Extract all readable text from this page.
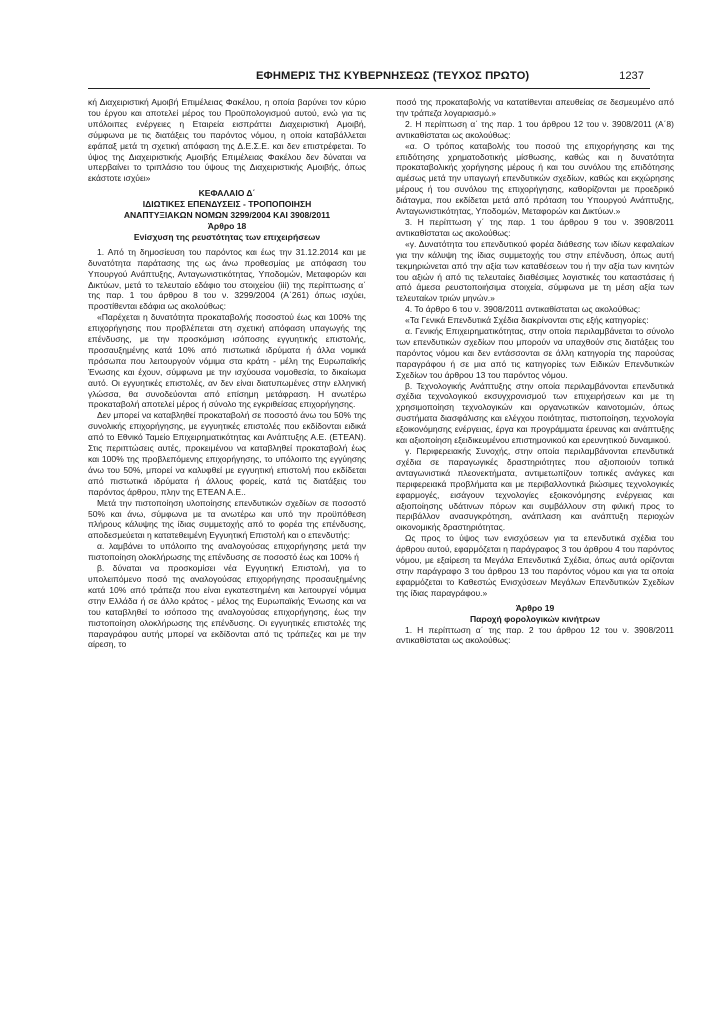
ΕΦΗΜΕΡΙΣ ΤΗΣ ΚΥΒΕΡΝΗΣΕΩΣ (ΤΕΥΧΟΣ ΠΡΩΤΟ)	1237

κή Διαχειριστική Αμοιβή Επιμέλειας Φακέλου, η οποία βαρύνει τον κύριο του έργου και αποτελεί μέρος του Προϋπολογισμού αυτού, ενώ για τις υπόλοιπες ενέργειες η Εταιρεία εισπράττει Διαχειριστική Αμοιβή, σύμφωνα με τις διατάξεις του παρόντος νόμου, η οποία καταβάλλεται εφάπαξ μετά τη σχετική απόφαση της Δ.Ε.Σ.Ε. και δεν επιστρέφεται. Το ύψος της Διαχειριστικής Αμοιβής Επιμέλειας Φακέλου δεν δύναται να υπερβαίνει το τριπλάσιο του ύψους της Διαχειριστικής Αμοιβής, όπως εκάστοτε ισχύει»

ΚΕΦΑΛΑΙΟ Δ΄

ΙΔΙΩΤΙΚΕΣ ΕΠΕΝΔΥΣΕΙΣ - ΤΡΟΠΟΠΟΙΗΣΗ

ΑΝΑΠΤΥΞΙΑΚΩΝ ΝΟΜΩΝ 3299/2004 ΚΑΙ 3908/2011

Άρθρο 18

Ενίσχυση της ρευστότητας των επιχειρήσεων

1. Από τη δημοσίευση του παρόντος και έως την 31.12.2014 και με δυνατότητα παράτασης της ως άνω προθεσμίας με απόφαση του Υπουργού Ανάπτυξης, Ανταγωνιστικότητας, Υποδομών, Μεταφορών και Δικτύων, μετά το τελευταίο εδάφιο του στοιχείου (iii) της περίπτωσης α΄ της παρ. 1 του άρθρου 8 του ν. 3299/2004 (Α΄261) όπως ισχύει, προστίθενται εδάφια ως ακολούθως:

«Παρέχεται η δυνατότητα προκαταβολής ποσοστού έως και 100% της επιχορήγησης που προβλέπεται στη σχετική απόφαση υπαγωγής της επένδυσης, με την προσκόμιση ισόποσης εγγυητικής επιστολής, προσαυξημένης κατά 10% από πιστωτικά ιδρύματα ή άλλα νομικά πρόσωπα που λειτουργούν νόμιμα στα κράτη - μέλη της Ευρωπαϊκής Ένωσης και έχουν, σύμφωνα με την ισχύουσα νομοθεσία, το δικαίωμα αυτό. Οι εγγυητικές επιστολές, αν δεν είναι διατυπωμένες στην ελληνική γλώσσα, θα συνοδεύονται από επίσημη μετάφραση. Η ανωτέρω προκαταβολή αποτελεί μέρος ή σύνολο της εγκριθείσας επιχορήγησης.

Δεν μπορεί να καταβληθεί προκαταβολή σε ποσοστό άνω του 50% της συνολικής επιχορήγησης, με εγγυητικές επιστολές που εκδίδονται ειδικά από το Εθνικό Ταμείο Επιχειρηματικότητας και Ανάπτυξης Α.Ε. (ΕΤΕΑΝ). Στις περιπτώσεις αυτές, προκειμένου να καταβληθεί προκαταβολή έως και 100% της προβλεπόμενης επιχορήγησης, το υπόλοιπο της εγγύησης άνω του 50%, μπορεί να καλυφθεί με εγγυητική επιστολή που εκδίδεται από πιστωτικά ιδρύματα ή άλλους φορείς, κατά τις διατάξεις του παρόντος άρθρου, πλην της ΕΤΕΑΝ Α.Ε..

Μετά την πιστοποίηση υλοποίησης επενδυτικών σχεδίων σε ποσοστό 50% και άνω, σύμφωνα με τα ανωτέρω και υπό την προϋπόθεση πλήρους κάλυψης της ίδιας συμμετοχής από το φορέα της επένδυσης, αποδεσμεύεται η κατατεθειμένη Εγγυητική Επιστολή και ο επενδυτής:

α. λαμβάνει το υπόλοιπο της αναλογούσας επιχορήγησης μετά την πιστοποίηση ολοκλήρωσης της επένδυσης σε ποσοστό έως και 100% ή

β. δύναται να προσκομίσει νέα Εγγυητική Επιστολή, για το υπολειπόμενο ποσό της αναλογούσας επιχορήγησης προσαυξημένης κατά 10% από τράπεζα που είναι εγκατεστημένη και λειτουργεί νόμιμα στην Ελλάδα ή σε άλλο κράτος - μέλος της Ευρωπαϊκής Ένωσης και να του καταβληθεί το ισόποσο της αναλογούσας επιχορήγησης, έως την πιστοποίηση ολοκλήρωσης της επένδυσης. Οι εγγυητικές επιστολές της παραγράφου αυτής μπορεί να εκδίδονται από τις τράπεζες και με την αίρεση, το

ποσό της προκαταβολής να κατατίθενται απευθείας σε δεσμευμένο από την τράπεζα λογαριασμό.»

2. Η περίπτωση α΄ της παρ. 1 του άρθρου 12 του ν. 3908/2011 (Α΄8) αντικαθίσταται ως ακολούθως:

«α. Ο τρόπος καταβολής του ποσού της επιχορήγησης και της επιδότησης χρηματοδοτικής μίσθωσης, καθώς και η δυνατότητα προκαταβολικής χορήγησης μέρους ή και του συνόλου της επιδότησης αμέσως μετά την υπαγωγή επενδυτικών σχεδίων, καθώς και εκχώρησης μέρους ή του συνόλου της επιχορήγησης, καθορίζονται με προεδρικό διάταγμα, που εκδίδεται μετά από πρόταση του Υπουργού Ανάπτυξης, Ανταγωνιστικότητας, Υποδομών, Μεταφορών και Δικτύων.»

3. Η περίπτωση γ΄ της παρ. 1 του άρθρου 9 του ν. 3908/2011 αντικαθίσταται ως ακολούθως:

«γ. Δυνατότητα του επενδυτικού φορέα διάθεσης των ιδίων κεφαλαίων για την κάλυψη της ίδιας συμμετοχής του στην επένδυση, όπως αυτή τεκμηριώνεται από την αξία των καταθέσεων του ή την αξία των κινητών του αξιών ή από τις τελευταίες διαθέσιμες λογιστικές του καταστάσεις ή από άμεσα ρευστοποιήσιμα στοιχεία, σύμφωνα με τη μέση αξία των τελευταίων τριών μηνών.»

4. Το άρθρο 6 του ν. 3908/2011 αντικαθίσταται ως ακολούθως:

«Τα Γενικά Επενδυτικά Σχέδια διακρίνονται στις εξής κατηγορίες:

α. Γενικής Επιχειρηματικότητας, στην οποία περιλαμβάνεται το σύνολο των επενδυτικών σχεδίων που μπορούν να υπαχθούν στις διατάξεις του παρόντος νόμου και δεν εντάσσονται σε άλλη κατηγορία της παρούσας παραγράφου ή σε μια από τις κατηγορίες των Ειδικών Επενδυτικών Σχεδίων του άρθρου 13 του παρόντος νόμου.

β. Τεχνολογικής Ανάπτυξης στην οποία περιλαμβάνονται επενδυτικά σχέδια τεχνολογικού εκσυγχρονισμού των επιχειρήσεων και με τη χρησιμοποίηση τεχνολογικών και οργανωτικών καινοτομιών, όπως συστήματα διασφάλισης και ελέγχου ποιότητας, πιστοποίηση, τεχνολογία εξοικονόμησης ενέργειας, έργα και προγράμματα έρευνας και ανάπτυξης και αξιοποίηση εξειδικευμένου επιστημονικού και ερευνητικού δυναμικού.

γ. Περιφερειακής Συνοχής, στην οποία περιλαμβάνονται επενδυτικά σχέδια σε παραγωγικές δραστηριότητες που αξιοποιούν τοπικά ανταγωνιστικά πλεονεκτήματα, αντιμετωπίζουν τοπικές ανάγκες και περιφερειακά προβλήματα και με περιβαλλοντικά βιώσιμες τεχνολογικές εφαρμογές, εισάγουν τεχνολογίες εξοικονόμησης ενέργειας και αξιοποίησης υδάτινων πόρων και συμβάλλουν στη φιλική προς το περιβάλλον ανασυγκρότηση, ανάπλαση και ανάπτυξη περιοχών οικονομικής δραστηριότητας.

Ως προς το ύψος των ενισχύσεων για τα επενδυτικά σχέδια του άρθρου αυτού, εφαρμόζεται η παράγραφος 3 του άρθρου 4 του παρόντος νόμου, με εξαίρεση τα Μεγάλα Επενδυτικά Σχέδια, όπως αυτά ορίζονται στην παράγραφο 3 του άρθρου 13 του παρόντος νόμου και για τα οποία εφαρμόζεται το Καθεστώς Ενισχύσεων Μεγάλων Επενδυτικών Σχεδίων της ίδιας παραγράφου.»

Άρθρο 19

Παροχή φορολογικών κινήτρων

1. Η περίπτωση α΄ της παρ. 2 του άρθρου 12 του ν. 3908/2011 αντικαθίσταται ως ακολούθως:
